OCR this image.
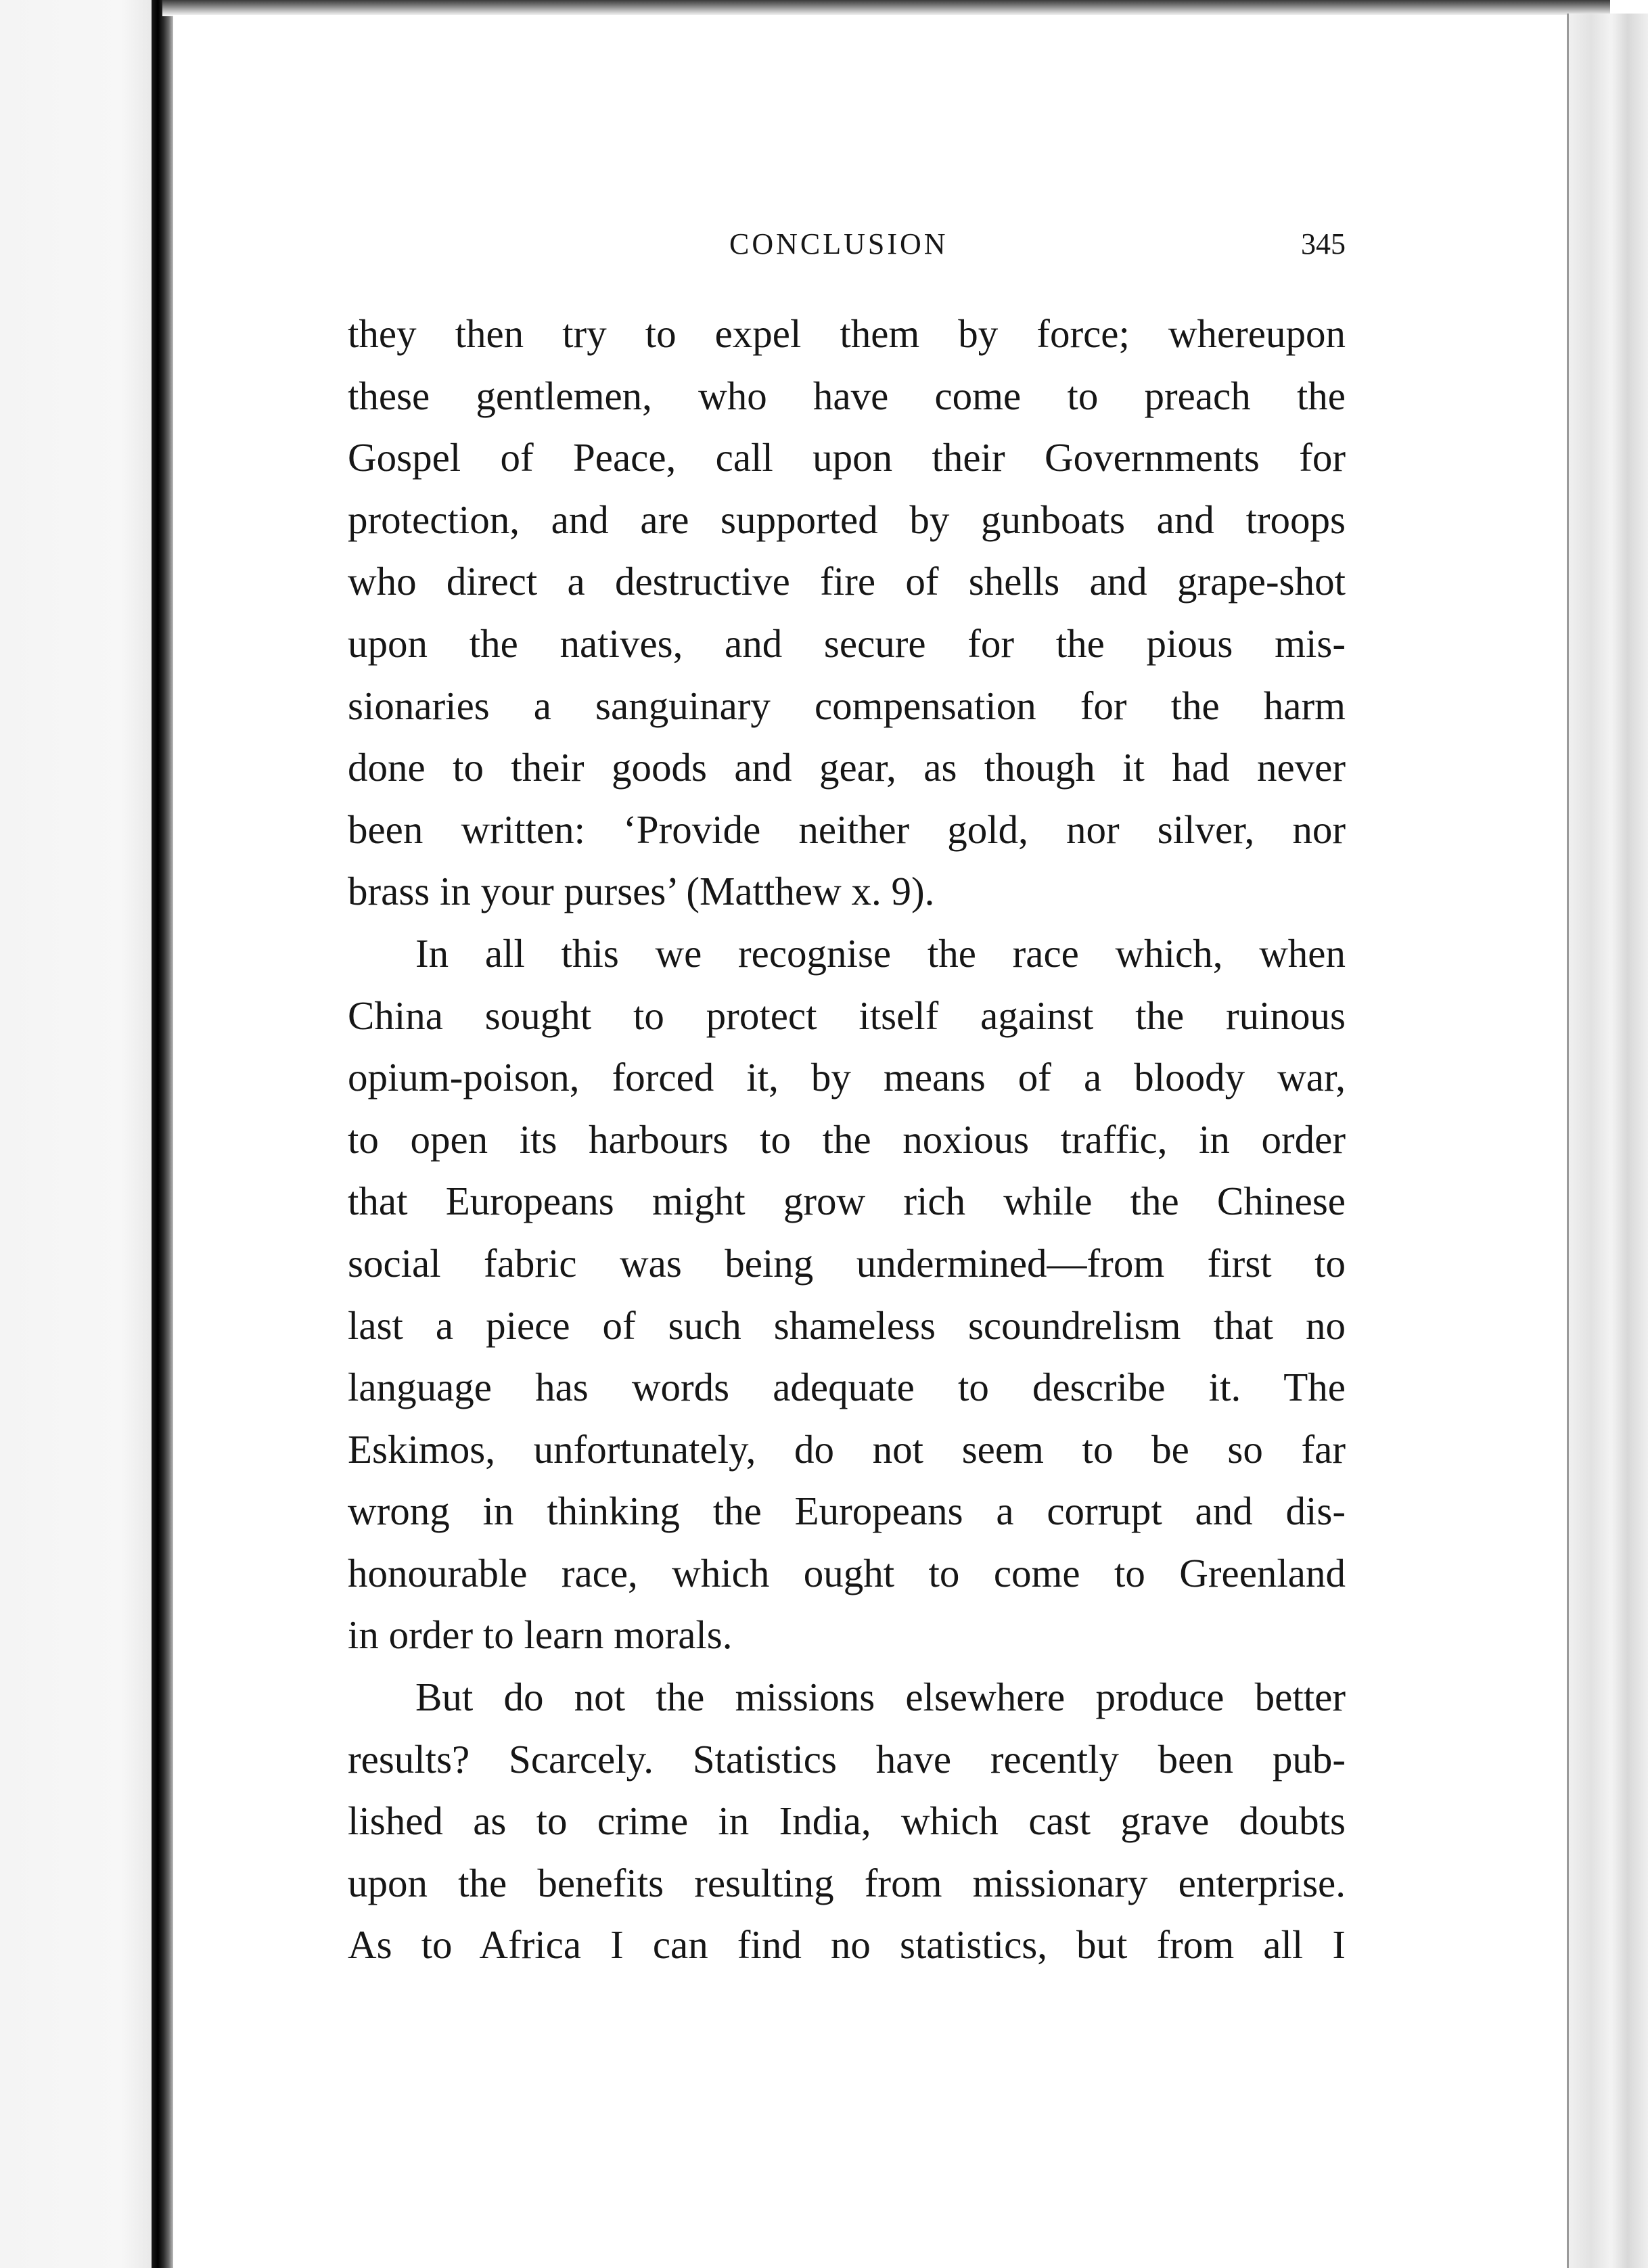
CONCLUSION	345
they then try to expel them by force; whereupon
these gentlemen, who have come to preach the
Gospel of Peace, call upon their Governments for
protection, and are supported by gunboats and troops
who direct a destructive fire of shells and grape-shot
upon the natives, and secure for the pious mis-
sionaries a sanguinary compensation for the harm
done to their goods and gear, as though it had never
been written: ‘Provide neither gold, nor silver, nor
brass in your purses’ (Matthew x. 9).
In all this we recognise the race which, when
China sought to protect itself against the ruinous
opium-poison, forced it, by means of a bloody war,
to open its harbours to the noxious traffic, in order
that Europeans might grow rich while the Chinese
social fabric was being undermined—from first to
last a piece of such shameless scoundrelism that no
language has words adequate to describe it. The
Eskimos, unfortunately, do not seem to be so far
wrong in thinking the Europeans a corrupt and dis-
honourable race, which ought to come to Greenland
in order to learn morals.
But do not the missions elsewhere produce better
results? Scarcely. Statistics have recently been pub-
lished as to crime in India, which cast grave doubts
upon the benefits resulting from missionary enterprise.
As to Africa I can find no statistics, but from all I
